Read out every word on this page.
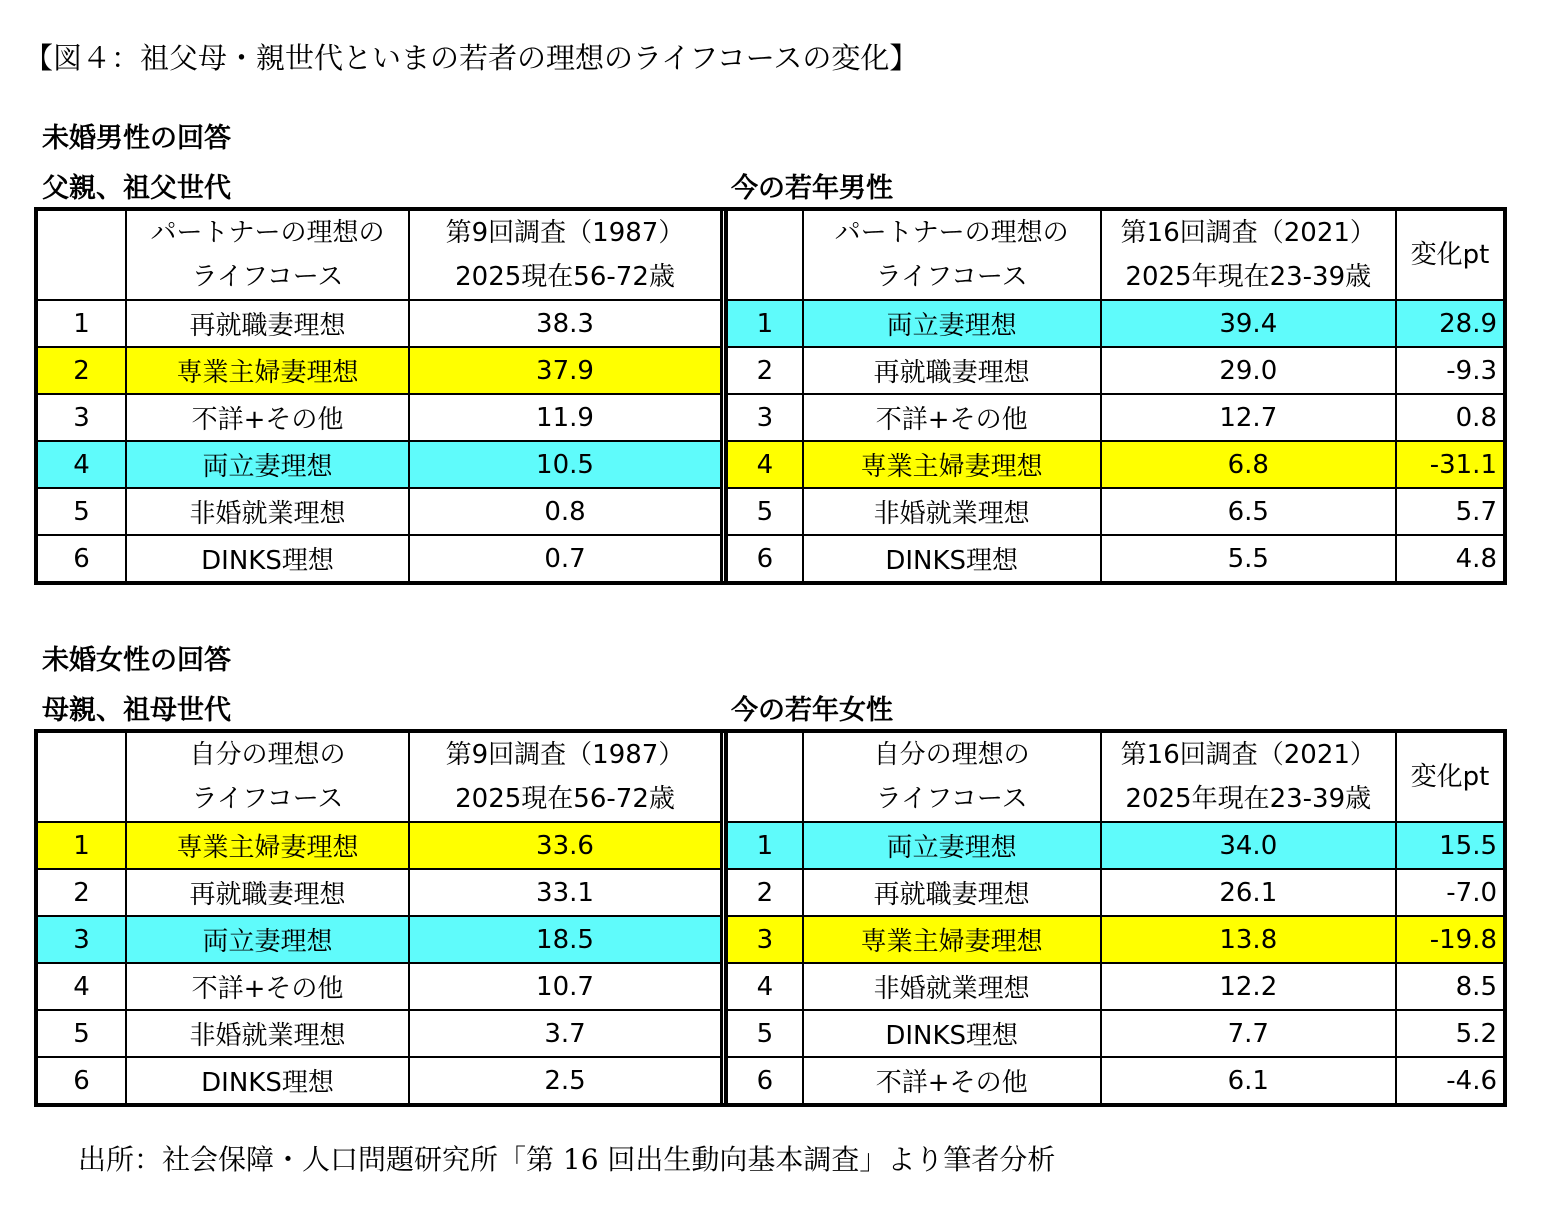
【図４：祖父母・親世代といまの若者の理想のライフコースの変化】
未婚男性の回答
父親、祖父世代	今の若年男性
	パートナーの理想の
ライフコース	第9回調査（1987）
2025現在56-72歳
1	再就職妻理想	38.3
2	専業主婦妻理想	37.9
3	不詳+その他	11.9
4	両立妻理想	10.5
5	非婚就業理想	0.8
6	DINKS理想	0.7
	パートナーの理想の
ライフコース	第16回調査（2021）
2025年現在23-39歳	変化pt
1	両立妻理想	39.4	28.9
2	再就職妻理想	29.0	-9.3
3	不詳+その他	12.7	0.8
4	専業主婦妻理想	6.8	-31.1
5	非婚就業理想	6.5	5.7
6	DINKS理想	5.5	4.8
未婚女性の回答
母親、祖母世代	今の若年女性
	自分の理想の
ライフコース	第9回調査（1987）
2025現在56-72歳
1	専業主婦妻理想	33.6
2	再就職妻理想	33.1
3	両立妻理想	18.5
4	不詳+その他	10.7
5	非婚就業理想	3.7
6	DINKS理想	2.5
	自分の理想の
ライフコース	第16回調査（2021）
2025年現在23-39歳	変化pt
1	両立妻理想	34.0	15.5
2	再就職妻理想	26.1	-7.0
3	専業主婦妻理想	13.8	-19.8
4	非婚就業理想	12.2	8.5
5	DINKS理想	7.7	5.2
6	不詳+その他	6.1	-4.6
出所：社会保障・人口問題研究所「第 16 回出生動向基本調査」より筆者分析
